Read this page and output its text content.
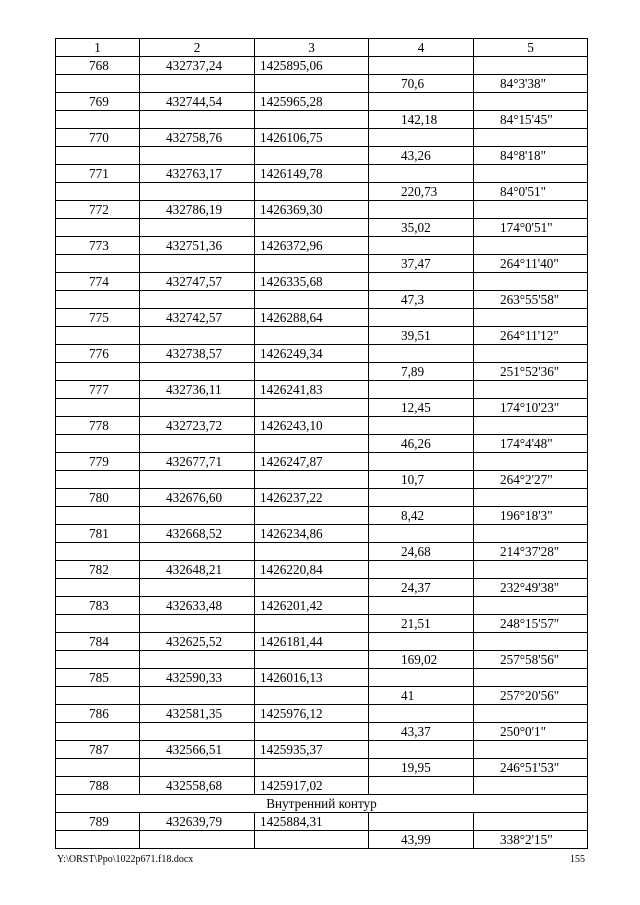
1	2	3	4	5
768	432737,24	1425895,06		
			70,6	84°3'38"
769	432744,54	1425965,28		
			142,18	84°15'45"
770	432758,76	1426106,75		
			43,26	84°8'18"
771	432763,17	1426149,78		
			220,73	84°0'51"
772	432786,19	1426369,30		
			35,02	174°0'51"
773	432751,36	1426372,96		
			37,47	264°11'40"
774	432747,57	1426335,68		
			47,3	263°55'58"
775	432742,57	1426288,64		
			39,51	264°11'12"
776	432738,57	1426249,34		
			7,89	251°52'36"
777	432736,11	1426241,83		
			12,45	174°10'23"
778	432723,72	1426243,10		
			46,26	174°4'48"
779	432677,71	1426247,87		
			10,7	264°2'27"
780	432676,60	1426237,22		
			8,42	196°18'3"
781	432668,52	1426234,86		
			24,68	214°37'28"
782	432648,21	1426220,84		
			24,37	232°49'38"
783	432633,48	1426201,42		
			21,51	248°15'57"
784	432625,52	1426181,44		
			169,02	257°58'56"
785	432590,33	1426016,13		
			41	257°20'56"
786	432581,35	1425976,12		
			43,37	250°0'1"
787	432566,51	1425935,37		
			19,95	246°51'53"
788	432558,68	1425917,02		
Внутренний контур				
789	432639,79	1425884,31		
			43,99	338°2'15"
Y:\ORST\Ppo\1022p671.f18.docx	155
